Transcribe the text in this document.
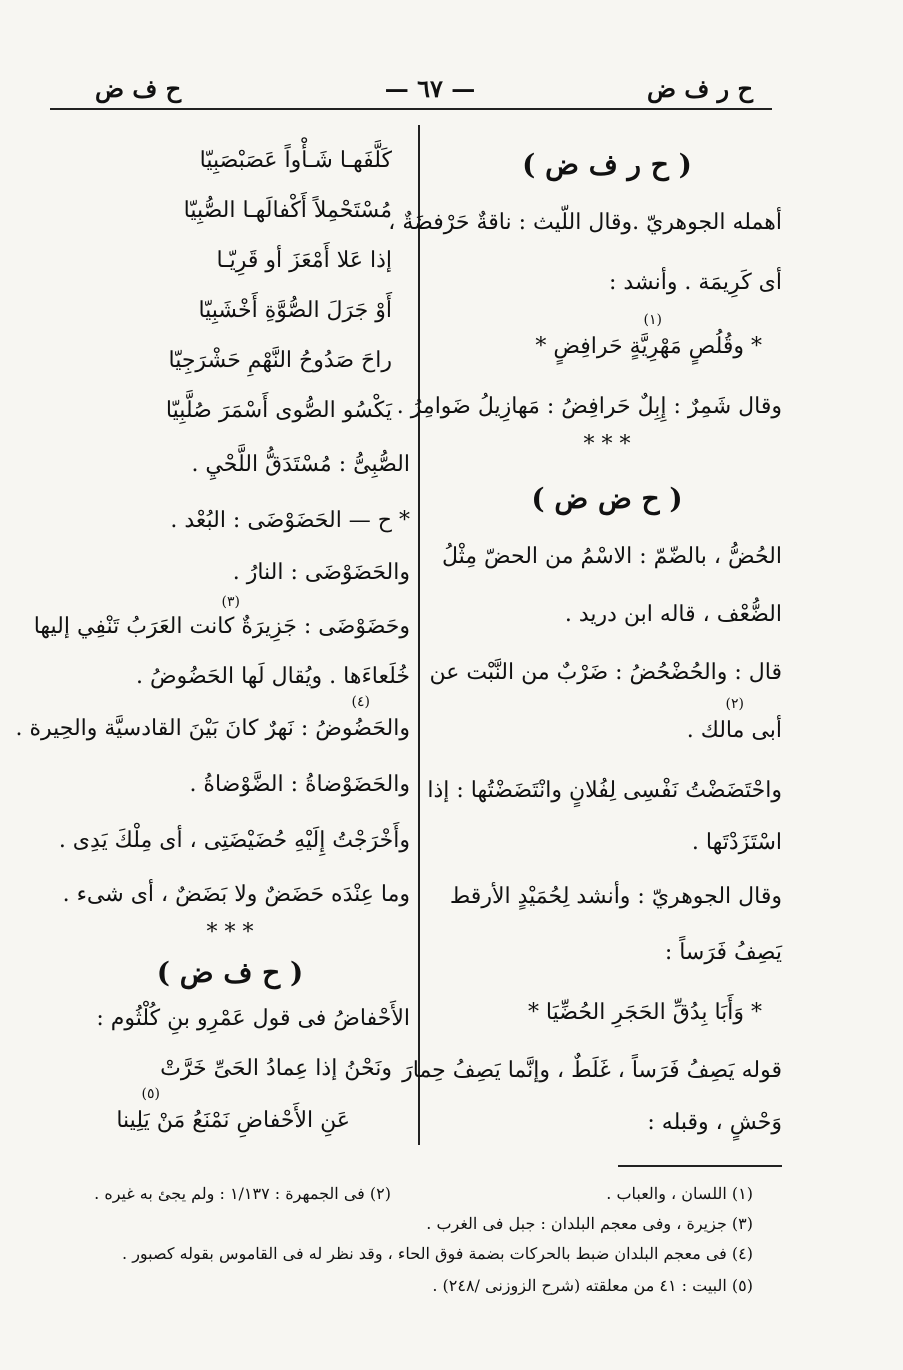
ح ر ف ض
— ٦٧ —
ح ف ض
( ح ر ف ض )
أهمله الجوهريّ .وقال اللّيث : ناقةٌ حَرْفضَةٌ ،
أى كَرِيمَة . وأنشد :
(١)
* وقُلُصٍ مَهْرِيَّةٍ حَرافِضٍ *
وقال شَمِرٌ : إِبِلٌ حَرافِضُ : مَهازِيلُ ضَوامِرُ .
* * *
( ح ض ض )
الحُضُّ ، بالضّمّ : الاسْمُ من الحضّ مِثْلُ
الضُّعْف ، قاله ابن دريد .
قال : والحُضْحُضُ : ضَرْبٌ من النَّبْت عن
(٢)
أبى مالك .
واحْتَضَضْتُ نَفْسِى لِفُلانٍ وانْتَضَضْتُها : إذا
اسْتَزَدْتَها .
وقال الجوهريّ : وأنشد لِحُمَيْدٍ الأرقط
يَصِفُ فَرَساً :
* وَأَبَا بِدُقِّ الحَجَرِ الحُضِّيَا *
قوله يَصِفُ فَرَساً ، غَلَطٌ ، وإنَّما يَصِفُ حِمارَ
وَحْشٍ ، وقبله :
كَلَّفَهـا شَـأْواً عَصَبْصَبِيّا
مُسْتَحْمِلاً أَكْفالَهـا الصُّبِيّا
إذا عَلا أَمْعَزَ أو قَرِيّـا
أَوْ جَرَلَ الصُّوَّةِ أَخْشَبِيّا
راحَ صَدُوحُ النَّهْمِ حَشْرَجِيّا
يَكْسُو الصُّوى أَسْمَرَ صُلَّبِيّا
الصُّبِىُّ : مُسْتَدَقُّ اللَّحْيِ .
* ح — الحَضَوْضَى : البُعْد .
والحَضَوْضَى : النارُ .
(٣)
وحَضَوْضَى : جَزِيرَةٌ كانت العَرَبُ تَنْفِي إليها
خُلَعاءَها . ويُقال لَها الحَضُوضُ .
(٤)
والحَضُوضُ : نَهرٌ كانَ بَيْنَ القادسيَّة والحِيرة .
والحَضَوْضاةُ : الضَّوْضاةُ .
وأَخْرَجْتُ إِلَيْهِ حُضَيْضَتِى ، أى مِلْكَ يَدِى .
وما عِنْدَه حَضَضٌ ولا بَضَضٌ ، أى شىء .
* * *
( ح ف ض )
الأَحْفاضُ فى قول عَمْرِو بنِ كُلْثُوم :
ونَحْنُ إذا عِمادُ الحَىِّ خَرَّتْ
(٥)
عَنِ الأَحْفاضِ نَمْنَعُ مَنْ يَلِينا
(١) اللسان ، والعباب .
(٢) فى الجمهرة : ١/١٣٧ : ولم يجئ به غيره .
(٣) جزيرة ، وفى معجم البلدان : جبل فى الغرب .
(٤) فى معجم البلدان ضبط بالحركات بضمة فوق الحاء ، وقد نظر له فى القاموس بقوله كصبور .
(٥) البيت : ٤١ من معلقته (شرح الزوزنى /٢٤٨) .
